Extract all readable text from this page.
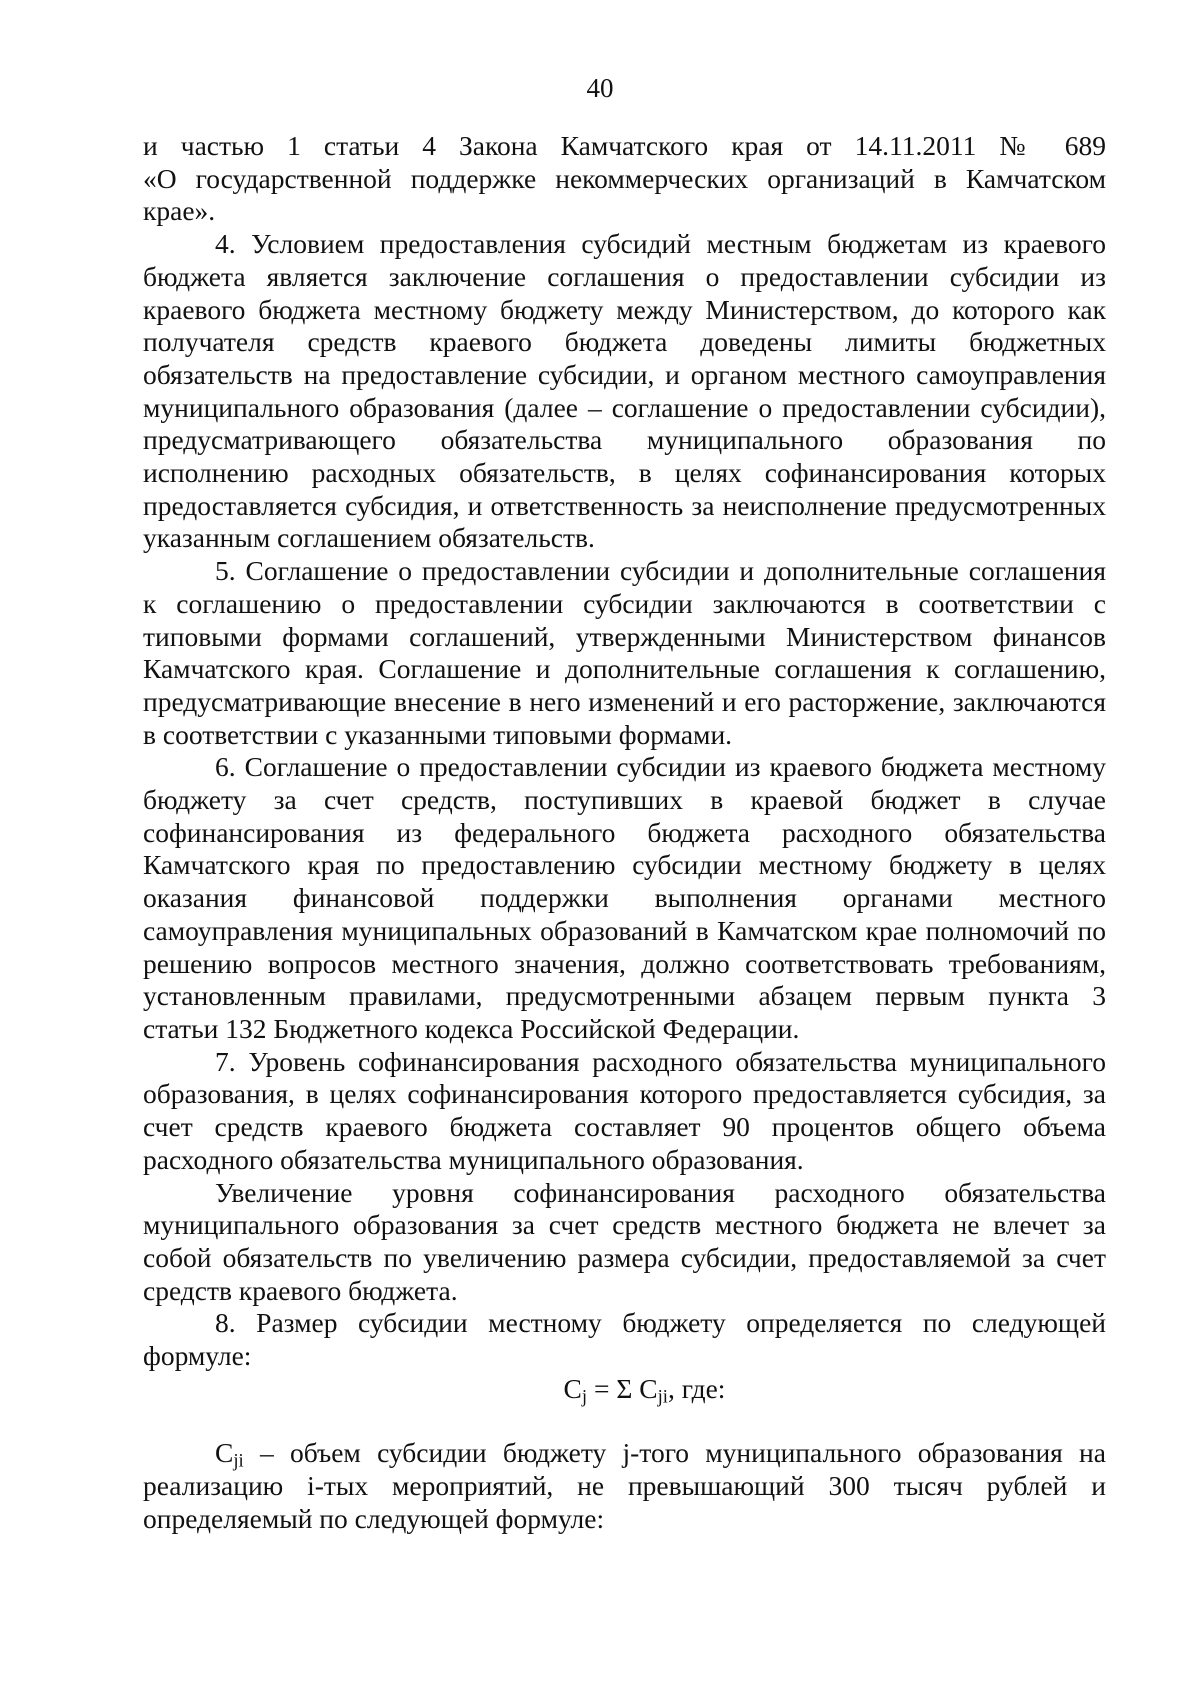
40
и частью 1 статьи 4 Закона Камчатского края от 14.11.2011 № 689
«О государственной поддержке некоммерческих организаций в Камчатском
крае».
4. Условием предоставления субсидий местным бюджетам из краевого
бюджета является заключение соглашения о предоставлении субсидии из
краевого бюджета местному бюджету между Министерством, до которого как
получателя средств краевого бюджета доведены лимиты бюджетных
обязательств на предоставление субсидии, и органом местного самоуправления
муниципального образования (далее – соглашение о предоставлении субсидии),
предусматривающего обязательства муниципального образования по
исполнению расходных обязательств, в целях софинансирования которых
предоставляется субсидия, и ответственность за неисполнение предусмотренных
указанным соглашением обязательств.
5. Соглашение о предоставлении субсидии и дополнительные соглашения
к соглашению о предоставлении субсидии заключаются в соответствии с
типовыми формами соглашений, утвержденными Министерством финансов
Камчатского края. Соглашение и дополнительные соглашения к соглашению,
предусматривающие внесение в него изменений и его расторжение, заключаются
в соответствии с указанными типовыми формами.
6. Соглашение о предоставлении субсидии из краевого бюджета местному
бюджету за счет средств, поступивших в краевой бюджет в случае
софинансирования из федерального бюджета расходного обязательства
Камчатского края по предоставлению субсидии местному бюджету в целях
оказания финансовой поддержки выполнения органами местного
самоуправления муниципальных образований в Камчатском крае полномочий по
решению вопросов местного значения, должно соответствовать требованиям,
установленным правилами, предусмотренными абзацем первым пункта 3
статьи 132 Бюджетного кодекса Российской Федерации.
7. Уровень софинансирования расходного обязательства муниципального
образования, в целях софинансирования которого предоставляется субсидия, за
счет средств краевого бюджета составляет 90 процентов общего объема
расходного обязательства муниципального образования.
Увеличение уровня софинансирования расходного обязательства
муниципального образования за счет средств местного бюджета не влечет за
собой обязательств по увеличению размера субсидии, предоставляемой за счет
средств краевого бюджета.
8. Размер субсидии местному бюджету определяется по следующей
формуле:
$C_j = \Sigma$ $C_{ji}$, где:
$C_{ji}$ – объем субсидии бюджету j-того муниципального образования на
реализацию i-тых мероприятий, не превышающий 300 тысяч рублей и
определяемый по следующей формуле:
